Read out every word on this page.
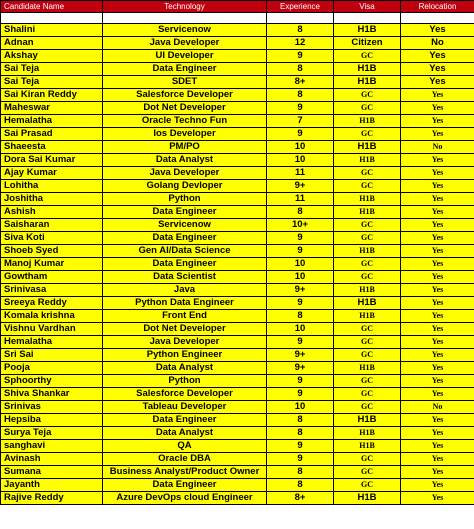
Candidate Name	Technology	Experience	Visa	Relocation

Shalini	Servicenow	8	H1B	Yes
Adnan	Java Developer	12	Citizen	No
Akshay	UI Developer	9	GC	Yes
Sai Teja	Data Engineer	8	H1B	Yes
Sai Teja	SDET	8+	H1B	Yes
Sai Kiran Reddy	Salesforce Developer	8	GC	Yes
Maheswar	Dot Net Developer	9	GC	Yes
Hemalatha	Oracle Techno Fun	7	H1B	Yes
Sai Prasad	Ios Developer	9	GC	Yes
Shaeesta	PM/PO	10	H1B	No
Dora Sai Kumar	Data Analyst	10	H1B	Yes
Ajay Kumar	Java Developer	11	GC	Yes
Lohitha	Golang Devloper	9+	GC	Yes
Joshitha	Python	11	H1B	Yes
Ashish	Data Engineer	8	H1B	Yes
Saisharan	Servicenow	10+	GC	Yes
Siva Koti	Data Engineer	9	GC	Yes
Shoeb Syed	Gen AI/Data Science	9	H1B	Yes
Manoj Kumar	Data Engineer	10	GC	Yes
Gowtham	Data Scientist	10	GC	Yes
Srinivasa	Java	9+	H1B	Yes
Sreeya Reddy	Python Data Engineer	9	H1B	Yes
Komala krishna	Front End	8	H1B	Yes
Vishnu Vardhan	Dot Net Developer	10	GC	Yes
Hemalatha	Java Developer	9	GC	Yes
Sri Sai	Python Engineer	9+	GC	Yes
Pooja	Data Analyst	9+	H1B	Yes
Sphoorthy	Python	9	GC	Yes
Shiva Shankar	Salesforce Developer	9	GC	Yes
Srinivas	Tableau Developer	10	GC	No
Hepsiba	Data Engineer	8	H1B	Yes
Surya Teja	Data Analyst	8	H1B	Yes
sanghavi	QA	9	H1B	Yes
Avinash	Oracle DBA	9	GC	Yes
Sumana	Business Analyst/Product Owner	8	GC	Yes
Jayanth	Data Engineer	8	GC	Yes
Rajive Reddy	Azure DevOps cloud Engineer	8+	H1B	Yes
